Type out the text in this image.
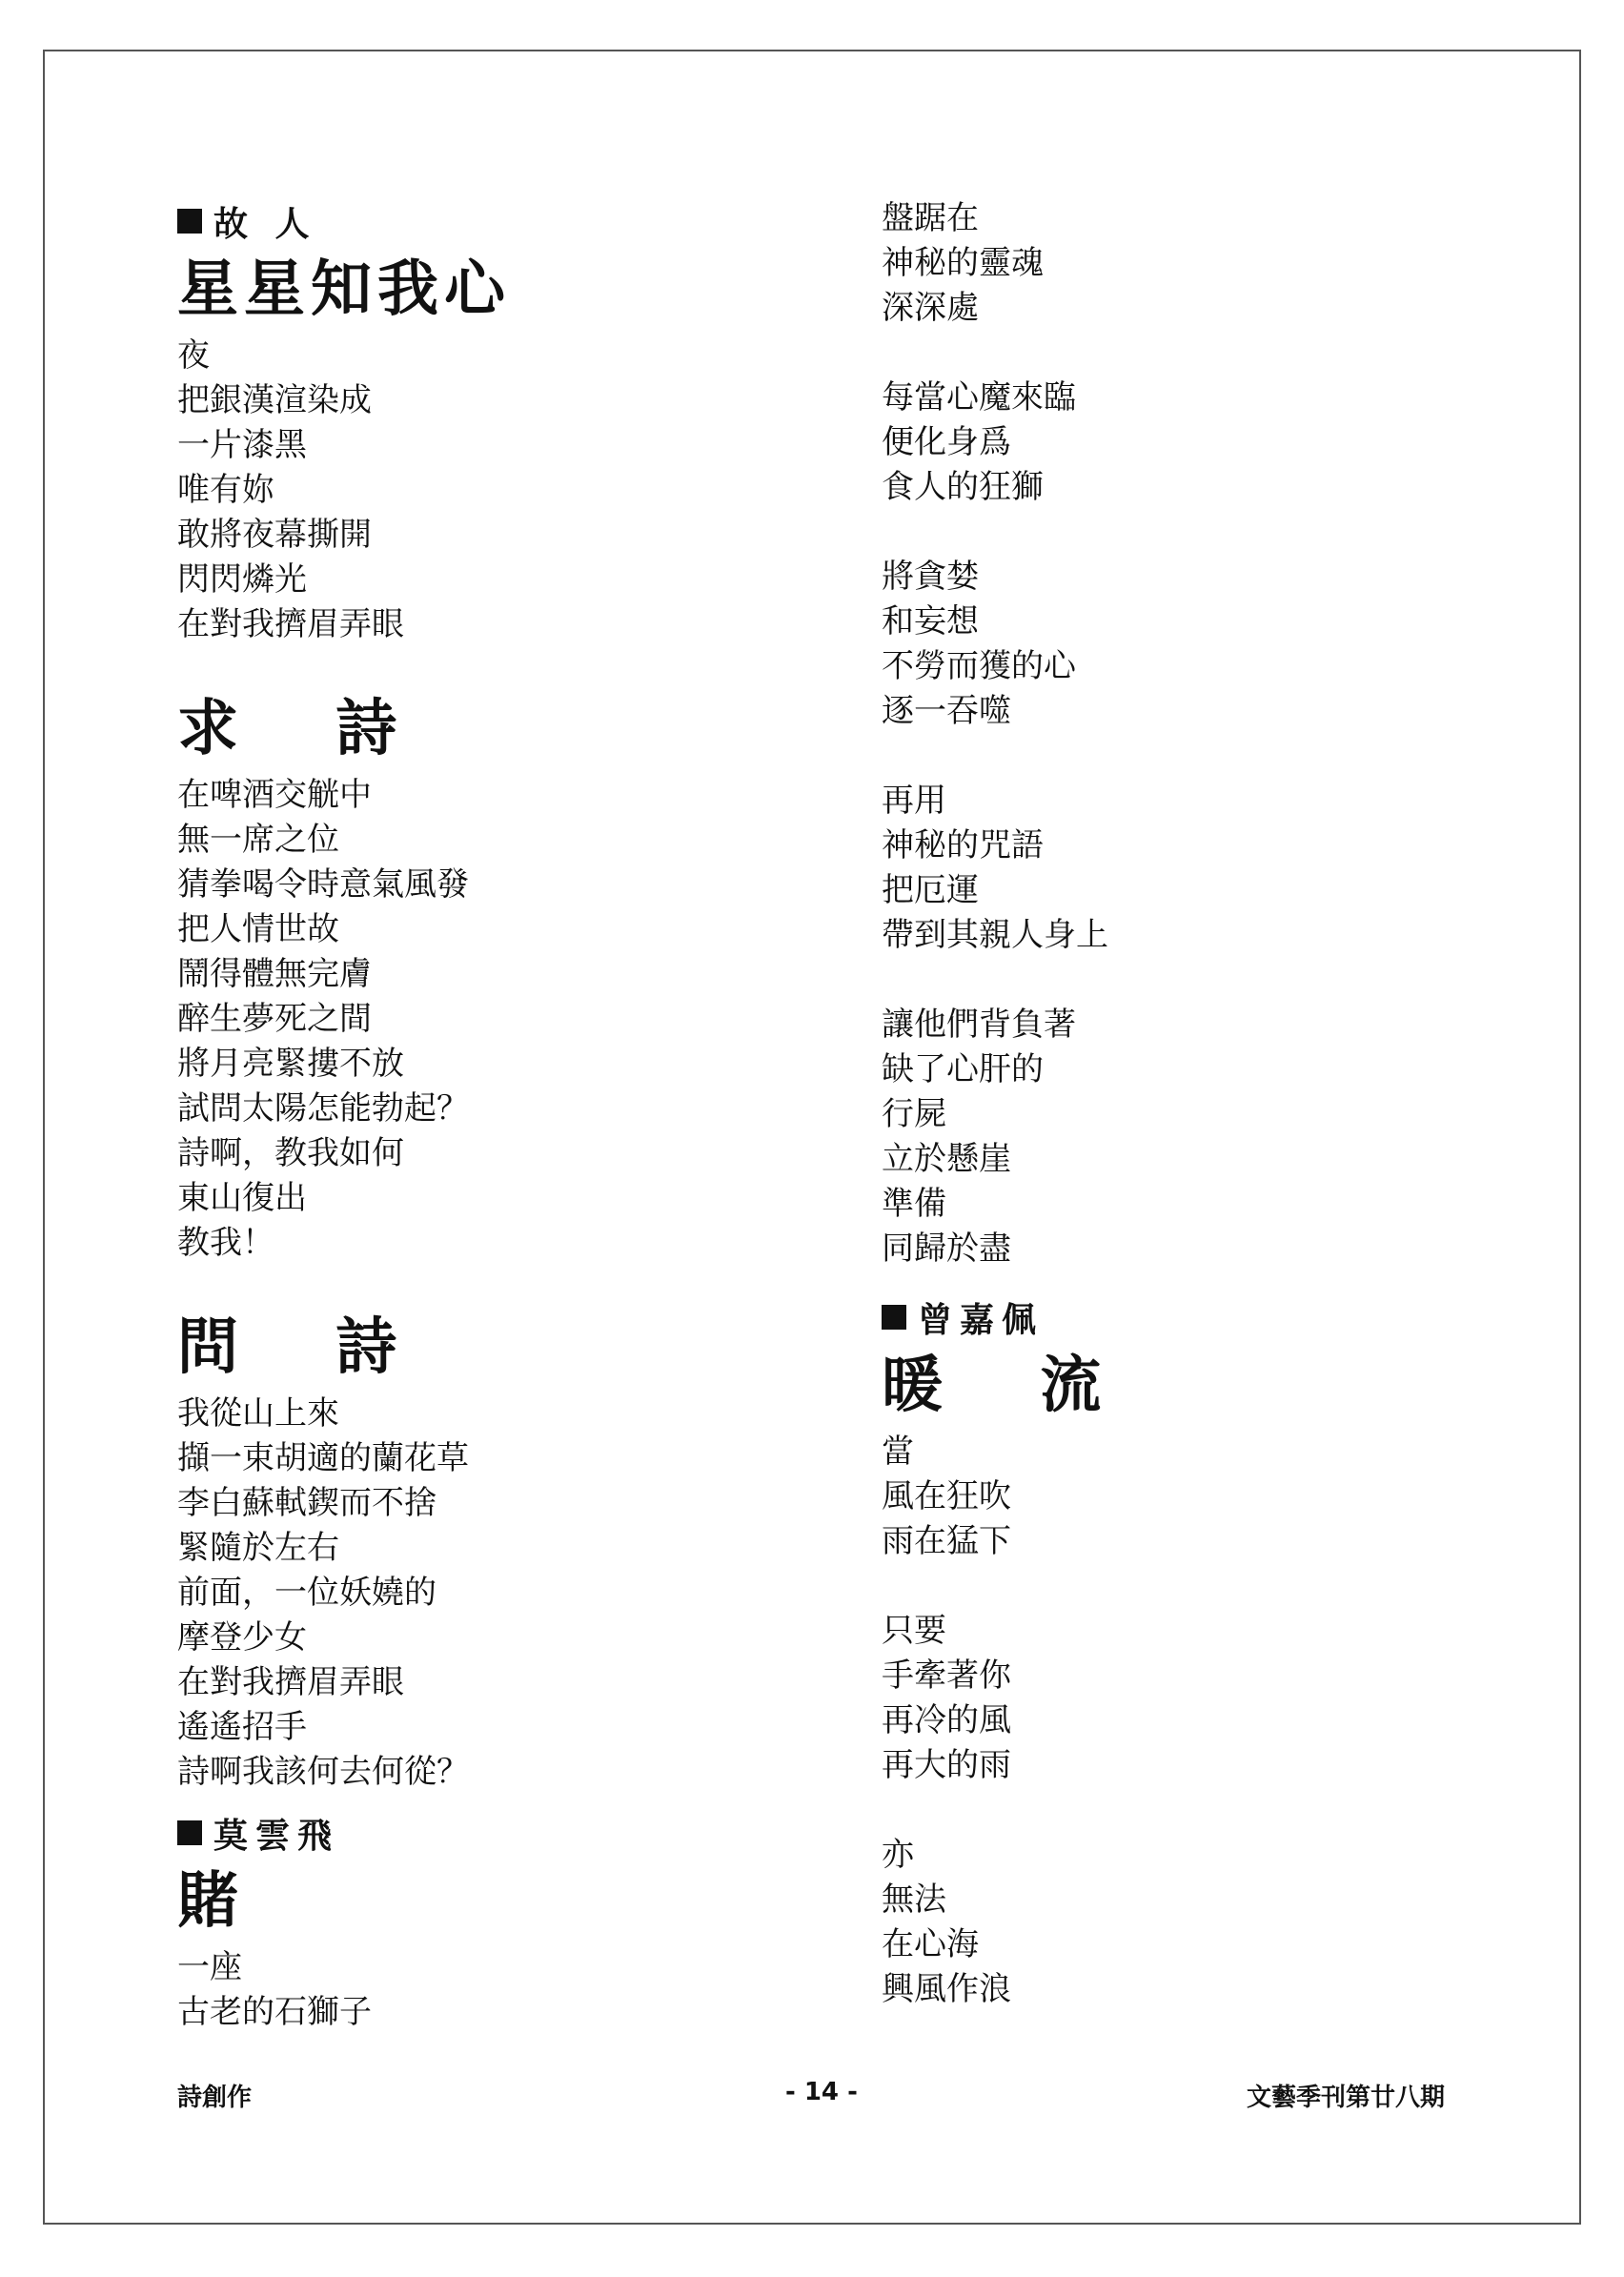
故 人
星星知我心
夜
把銀漢渲染成
一片漆黑
唯有妳
敢將夜幕撕開
閃閃燐光
在對我擠眉弄眼
求 詩
在啤酒交觥中
無一席之位
猜拳喝令時意氣風發
把人情世故
鬧得體無完膚
醉生夢死之間
將月亮緊摟不放
試問太陽怎能勃起？
詩啊，教我如何
東山復出
教我！
問 詩
我從山上來
擷一束胡適的蘭花草
李白蘇軾鍥而不捨
緊隨於左右
前面，一位妖嬈的
摩登少女
在對我擠眉弄眼
遙遙招手
詩啊我該何去何從？
莫雲飛
賭
一座
古老的石獅子
盤踞在
神秘的靈魂
深深處
每當心魔來臨
便化身爲
食人的狂獅
將貪婪
和妄想
不勞而獲的心
逐一吞噬
再用
神秘的咒語
把厄運
帶到其親人身上
讓他們背負著
缺了心肝的
行屍
立於懸崖
準備
同歸於盡
曾嘉佩
暖 流
當
風在狂吹
雨在猛下
只要
手牽著你
再冷的風
再大的雨
亦
無法
在心海
興風作浪
詩創作	- 14 -	文藝季刊第廿八期
